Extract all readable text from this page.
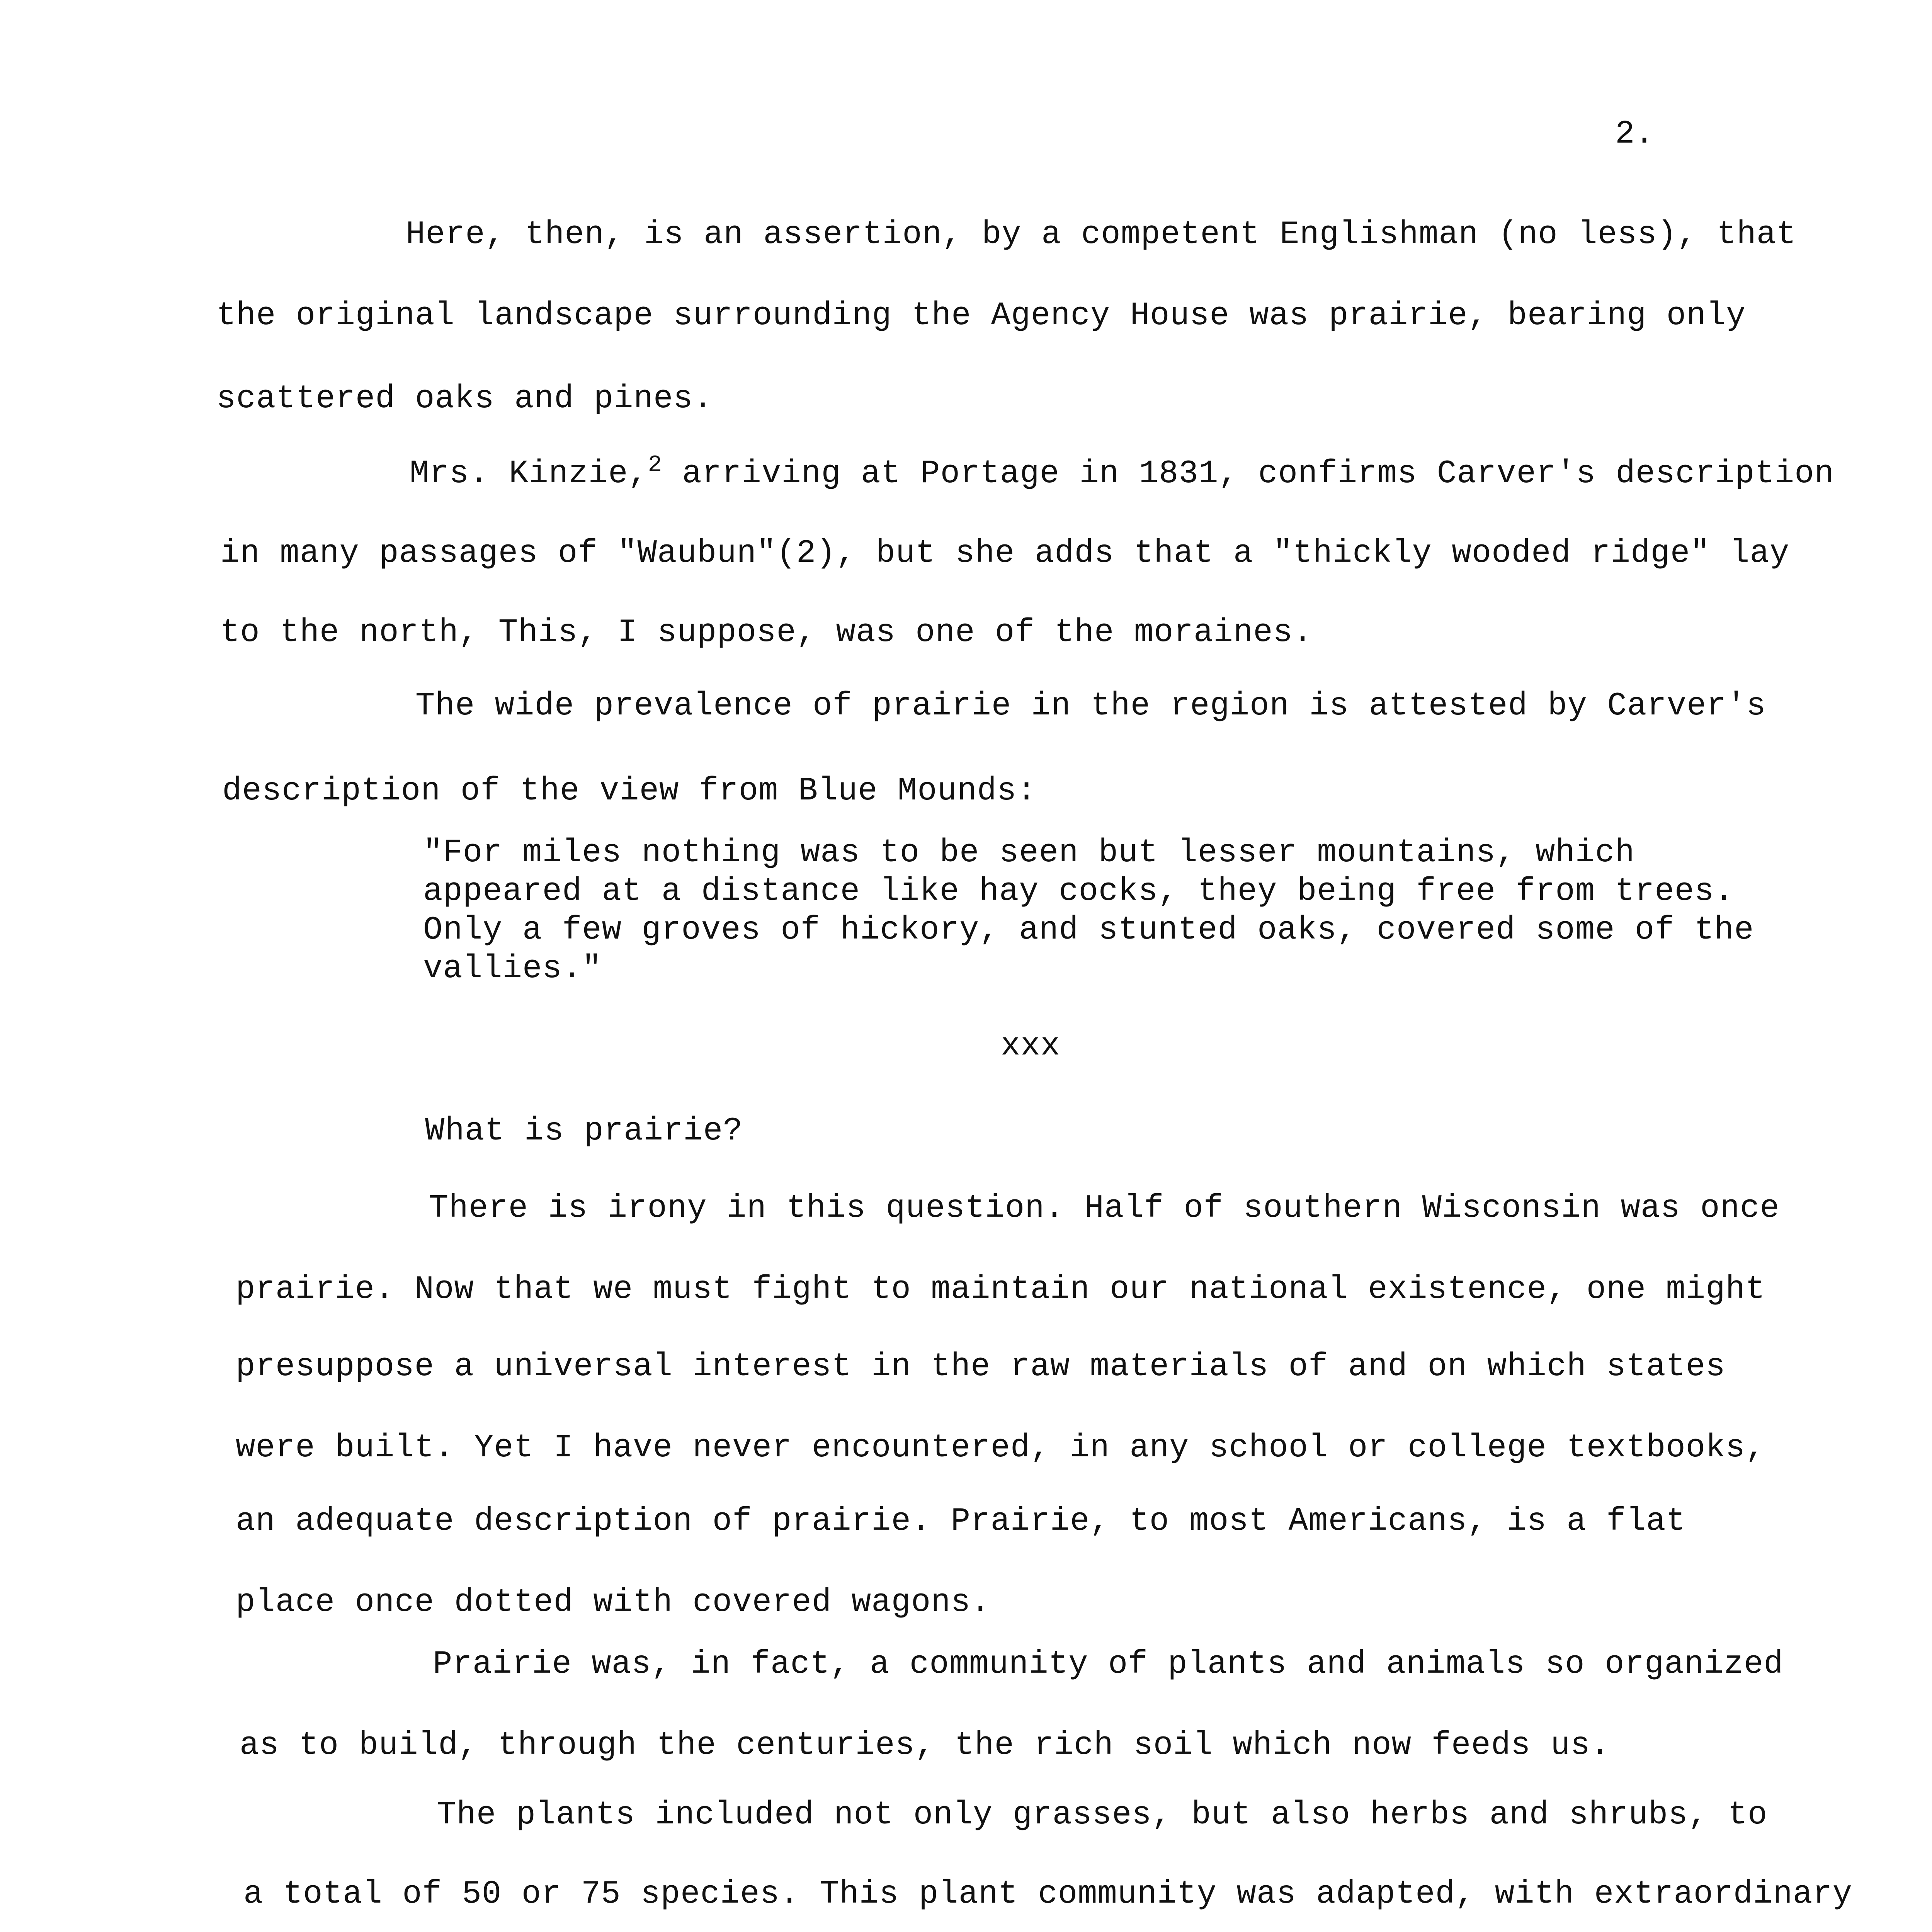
2.
Here, then, is an assertion, by a competent Englishman (no less), that
the original landscape surrounding the Agency House was prairie, bearing only
scattered oaks and pines.
Mrs. Kinzie,$^2$ arriving at Portage in 1831, confirms Carver's description
in many passages of "Waubun"(2), but she adds that a "thickly wooded ridge" lay
to the north, This, I suppose, was one of the moraines.
The wide prevalence of prairie in the region is attested by Carver's
description of the view from Blue Mounds:
"For miles nothing was to be seen but lesser mountains, which
appeared at a distance like hay cocks, they being free from trees.
Only a few groves of hickory, and stunted oaks, covered some of the
vallies."
xxx
What is prairie?
There is irony in this question. Half of southern Wisconsin was once
prairie. Now that we must fight to maintain our national existence, one might
presuppose a universal interest in the raw materials of and on which states
were built. Yet I have never encountered, in any school or college textbooks,
an adequate description of prairie. Prairie, to most Americans, is a flat
place once dotted with covered wagons.
Prairie was, in fact, a community of plants and animals so organized
as to build, through the centuries, the rich soil which now feeds us.
The plants included not only grasses, but also herbs and shrubs, to
a total of 50 or 75 species. This plant community was adapted, with extraordinary
